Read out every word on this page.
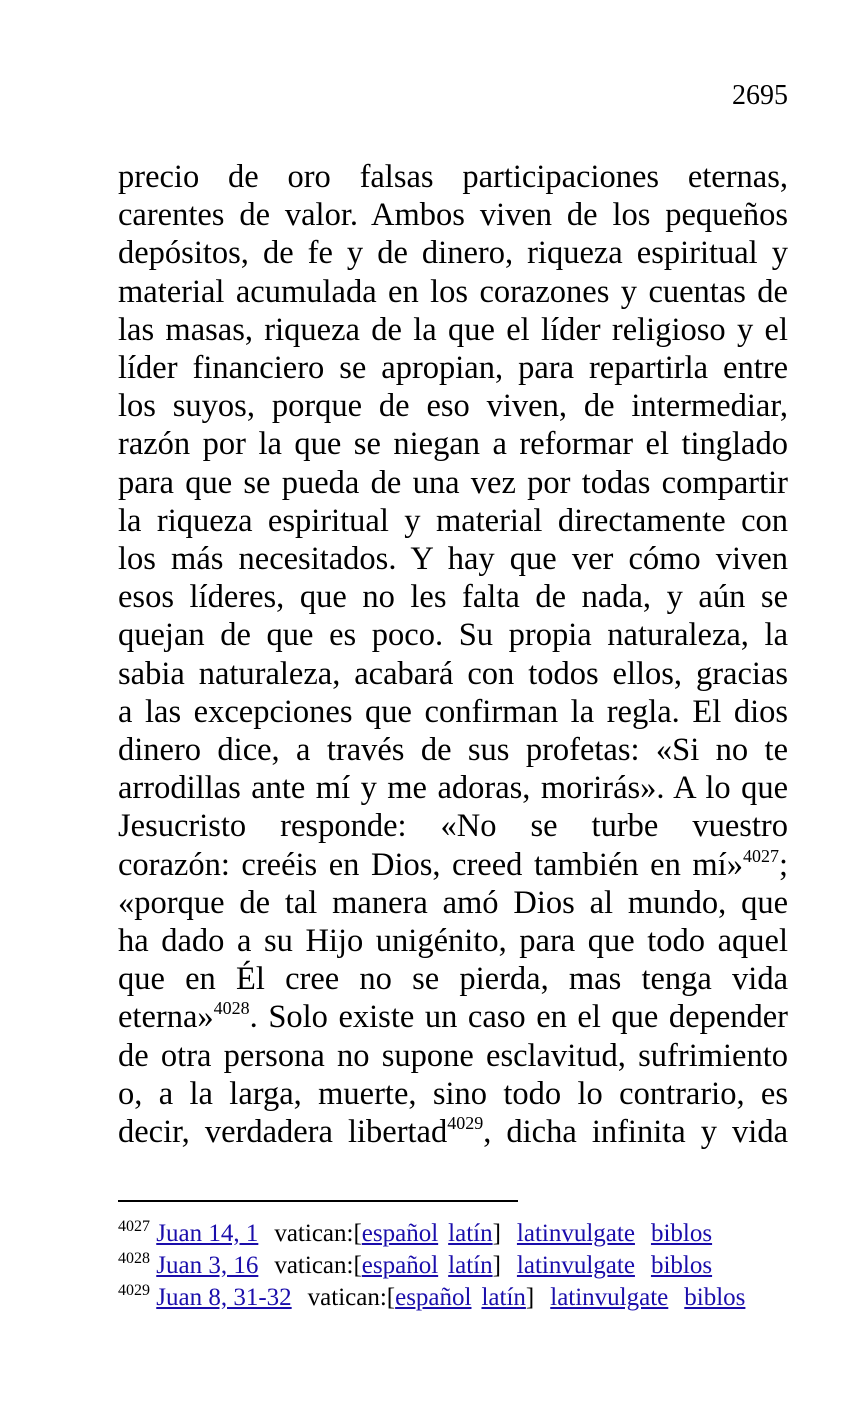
2695
precio de oro falsas participaciones eternas,
carentes de valor. Ambos viven de los pequeños
depósitos, de fe y de dinero, riqueza espiritual y
material acumulada en los corazones y cuentas de
las masas, riqueza de la que el líder religioso y el
líder financiero se apropian, para repartirla entre
los suyos, porque de eso viven, de intermediar,
razón por la que se niegan a reformar el tinglado
para que se pueda de una vez por todas compartir
la riqueza espiritual y material directamente con
los más necesitados. Y hay que ver cómo viven
esos líderes, que no les falta de nada, y aún se
quejan de que es poco. Su propia naturaleza, la
sabia naturaleza, acabará con todos ellos, gracias
a las excepciones que confirman la regla. El dios
dinero dice, a través de sus profetas: «Si no te
arrodillas ante mí y me adoras, morirás». A lo que
Jesucristo responde: «No se turbe vuestro
corazón: creéis en Dios, creed también en mí»$^{4027}$;
«porque de tal manera amó Dios al mundo, que
ha dado a su Hijo unigénito, para que todo aquel
que en Él cree no se pierda, mas tenga vida
eterna»$^{4028}$. Solo existe un caso en el que depender
de otra persona no supone esclavitud, sufrimiento
o, a la larga, muerte, sino todo lo contrario, es
decir, verdadera libertad$^{4029}$, dicha infinita y vida
$^{4027}$ Juan 14, 1 vatican:[español latín] latinvulgate biblos
$^{4028}$ Juan 3, 16 vatican:[español latín] latinvulgate biblos
$^{4029}$ Juan 8, 31-32 vatican:[español latín] latinvulgate biblos
